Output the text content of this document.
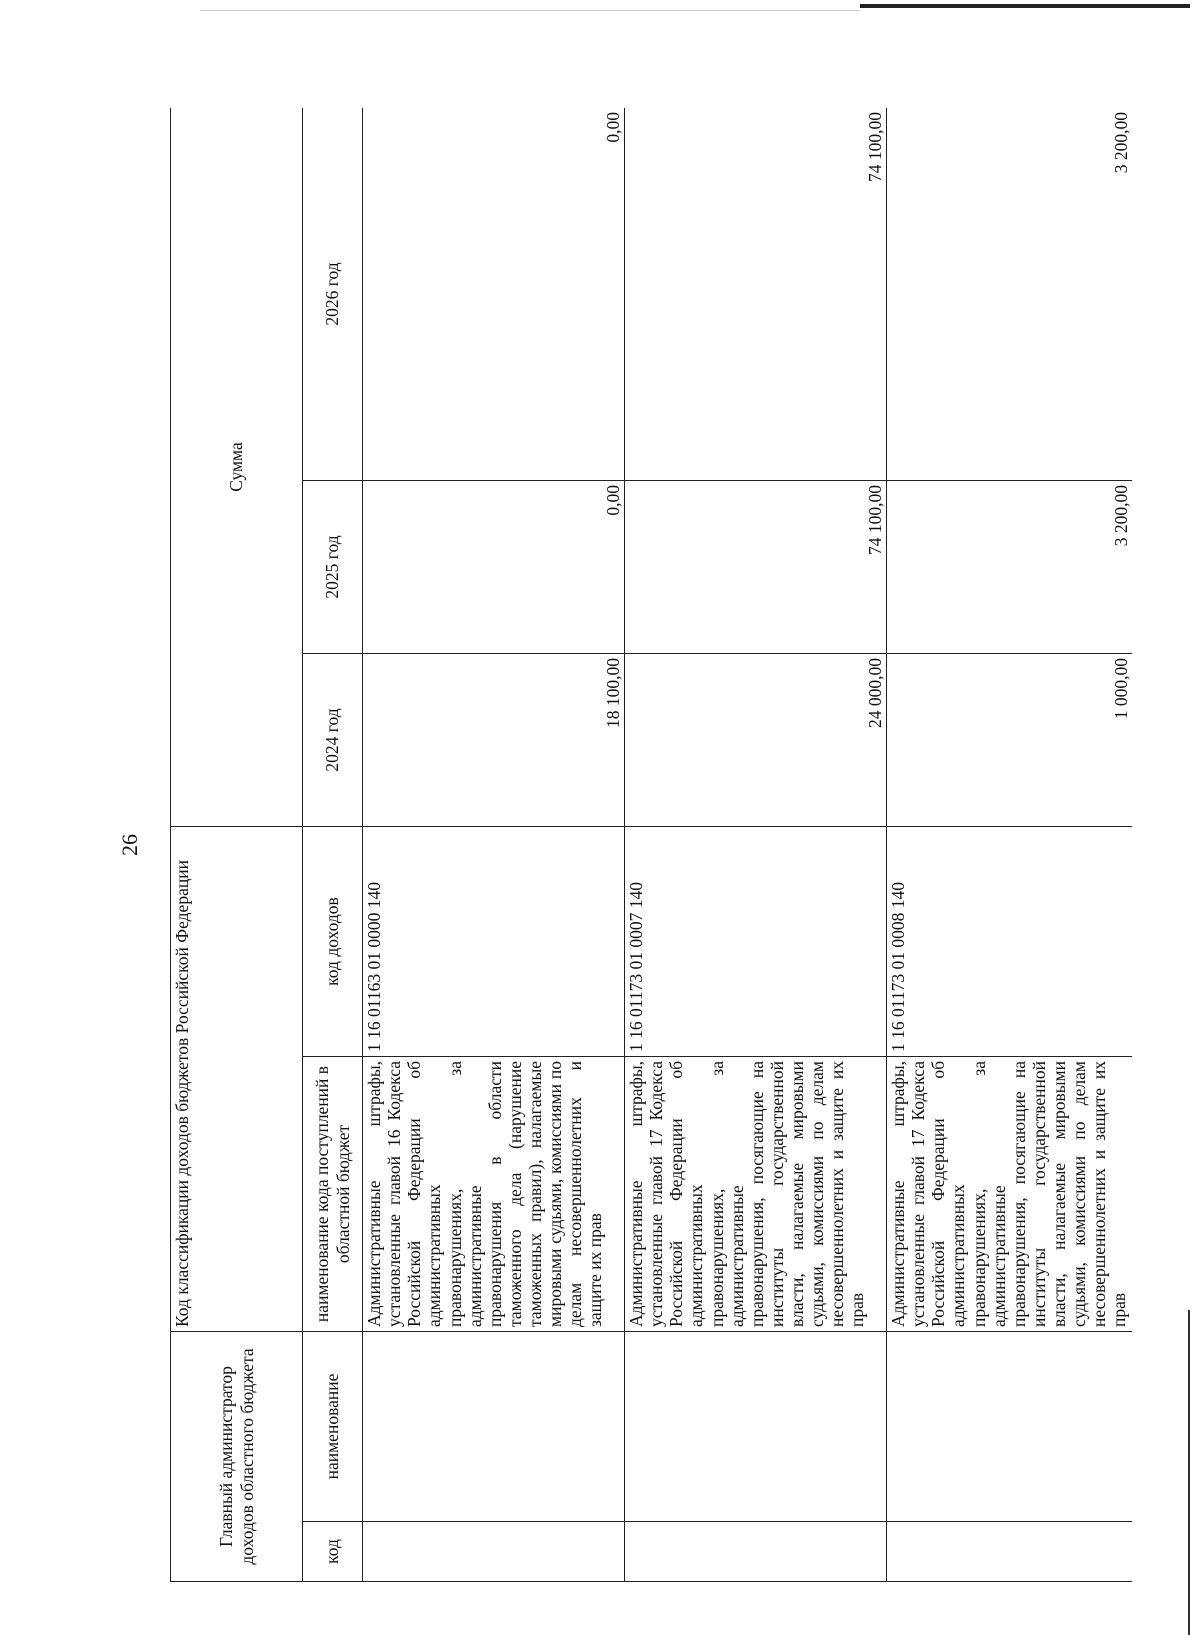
26
Главный администратор доходов областного бюджета		Код классификации доходов бюджетов Российской Федерации		Сумма		
код	наименование	наименование кода поступлений в областной бюджет	код доходов	2024 год	2025 год	2026 год
		Административные штрафы, установленные главой 16 Кодекса Российской Федерации об административных правонарушениях, за административные правонарушения в области таможенного дела (нарушение таможенных правил), налагаемые мировыми судьями, комиссиями по делам несовершеннолетних и защите их прав	1 16 01163 01 0000 140	18 100,00	0,00	0,00
		Административные штрафы, установленные главой 17 Кодекса Российской Федерации об административных правонарушениях, за административные правонарушения, посягающие на институты государственной власти, налагаемые мировыми судьями, комиссиями по делам несовершеннолетних и защите их прав	1 16 01173 01 0007 140	24 000,00	74 100,00	74 100,00
		Административные штрафы, установленные главой 17 Кодекса Российской Федерации об административных правонарушениях, за административные правонарушения, посягающие на институты государственной власти, налагаемые мировыми судьями, комиссиями по делам несовершеннолетних и защите их прав	1 16 01173 01 0008 140	1 000,00	3 200,00	3 200,00
